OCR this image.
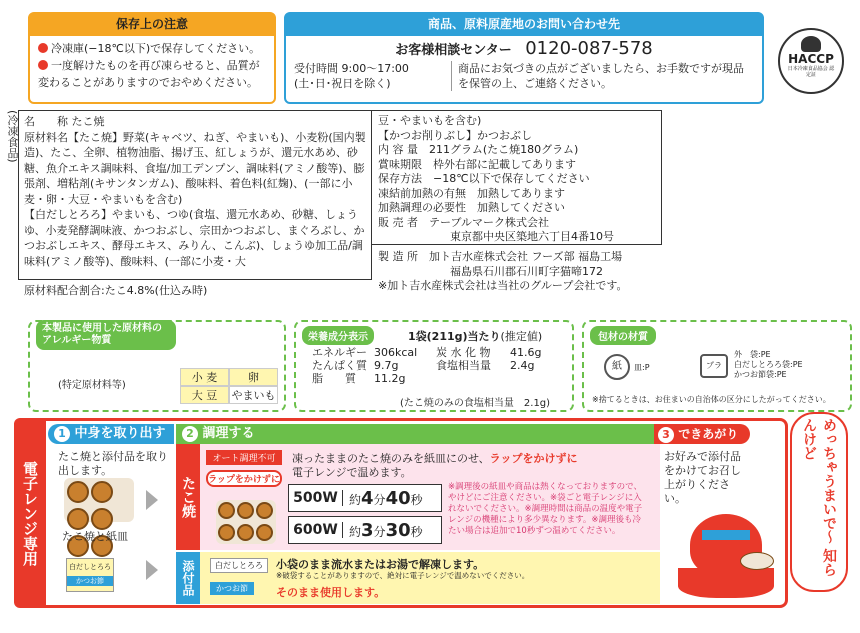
保存上の注意
冷凍庫(−18℃以下)で保存してください。
一度解けたものを再び凍らせると、品質が変わることがありますのでおやめください。
商品、原料原産地のお問い合わせ先
お客様相談センター 0120-087-578
受付時間 9:00〜17:00
(土･日･祝日を除く)
商品にお気づきの点がございましたら、お手数ですが現品を保管の上、ご連絡ください。
HACCP
日本冷凍食品協会 認定証
(冷凍食品) 名　　称 たこ焼
原材料名【たこ焼】野菜(キャベツ、ねぎ、やまいも)、小麦粉(国内製造)、たこ、全卵、植物油脂、揚げ玉、紅しょうが、還元水あめ、砂糖、魚介エキス調味料、食塩/加工デンプン、調味料(アミノ酸等)、膨張剤、増粘剤(キサンタンガム)、酸味料、着色料(紅麹)、(一部に小麦・卵・大豆・やまいもを含む)
【白だしとろろ】やまいも、つゆ(食塩、還元水あめ、砂糖、しょうゆ、小麦発酵調味液、かつおぶし、宗田かつおぶし、まぐろぶし、かつおぶしエキス、酵母エキス、みりん、こんぶ)、しょうゆ加工品/調味料(アミノ酸等)、酸味料、(一部に小麦・大
原材料配合割合:たこ4.8%(仕込み時)
豆・やまいもを含む)
【かつお削りぶし】かつおぶし
内 容 量　211グラム(たこ焼180グラム)
賞味期限　枠外右部に記載してあります
保存方法　−18℃以下で保存してください
凍結前加熱の有無　加熱してあります
加熱調理の必要性　加熱してください
販 売 者　テーブルマーク株式会社
東京都中央区築地六丁目4番10号
製 造 所　加ト吉水産株式会社 フーズ部 福島工場
福島県石川郡石川町字猫啼172
※加ト吉水産株式会社は当社のグループ会社です。
本製品に使用した原材料のアレルギー物質
(特定原材料等)
小 麦	卵
大 豆	やまいも
栄養成分表示	1袋(211g)当たり(推定値)
エネルギー 306kcal	炭 水 化 物	41.6g
たんぱく質 9.7g	食塩相当量	2.4g
脂　　質	11.2g
(たこ焼のみの食塩相当量　2.1g)
包材の材質
紙	皿:P	プラ
外　袋:PE
白だしとろろ袋:PE
かつお節袋:PE
※捨てるときは、お住まいの自治体の区分にしたがってください。
電子レンジ専用
1 中身を取り出す
たこ焼と添付品を取り出します。
たこ焼と紙皿
白だしとろろ
かつお節
2 調理する
たこ焼
オート調理不可
ラップをかけずに
凍ったままのたこ焼のみを紙皿にのせ、ラップをかけずに電子レンジで温めます。
500W 約4分40秒
600W 約3分30秒
※調理後の紙皿や商品は熱くなっておりますので、やけどにご注意ください。※袋ごと電子レンジに入れないでください。※調理時間は商品の温度や電子レンジの機種により多少異なります。※調理後も冷たい場合は追加で10秒ずつ温めてください。
添付品	白だしとろろ
かつお節
小袋のまま流水またはお湯で解凍します。
※破袋することがありますので、絶対に電子レンジで温めないでください。
そのまま使用します。
3 できあがり
お好みで添付品をかけてお召し上がりください。	めっちゃうまいで〜 知らんけど
